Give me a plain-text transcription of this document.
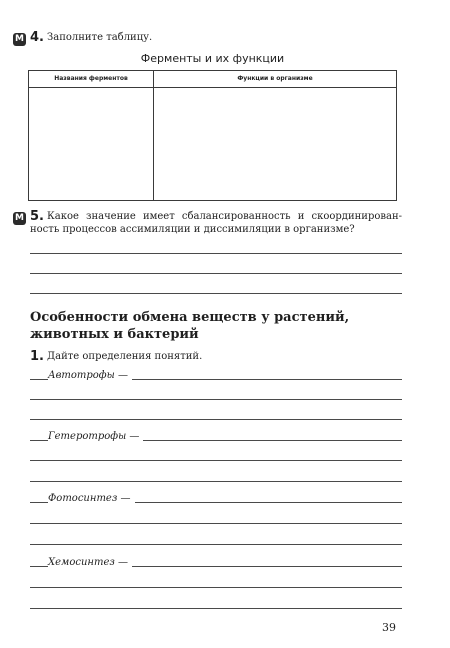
М 4. Заполните таблицу.
Ферменты и их функции
Названия ферментов	Функции в организме
М 5. Какое значение имеет сбалансированность и скоординирован-
ность процессов ассимиляции и диссимиляции в организме?
Особенности обмена веществ у растений,
животных и бактерий
1. Дайте определения понятий.
Автотрофы —
Гетеротрофы —
Фотосинтез —
Хемосинтез —
39
